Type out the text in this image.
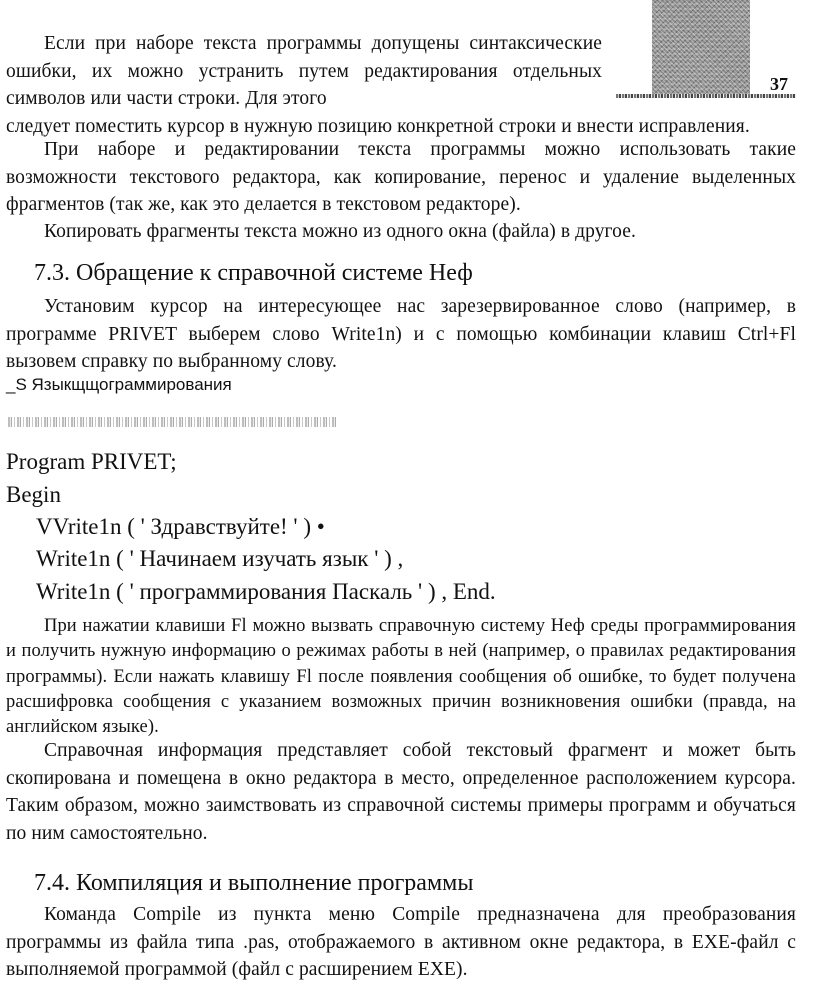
37

Если при наборе текста программы допущены синтаксические ошибки, их можно устранить путем редактирования отдельных символов или части строки. Для этого

следует поместить курсор в нужную позицию конкретной строки и внести исправления.

При наборе и редактировании текста программы можно использовать такие возможности текстового редактора, как копирование, перенос и удаление выделенных фрагментов (так же, как это делается в текстовом редакторе).

Копировать фрагменты текста можно из одного окна (файла) в другое.

7.3. Обращение к справочной системе Неф

Установим курсор на интересующее нас зарезервированное слово (например, в программе PRIVET выберем слово Write1n) и с помощью комбинации клавиш Ctrl+Fl вызовем справку по выбранному слову.

_S Языкщщограммирования
Program PRIVET;
Begin
VVrite1n ( ' Здравствуйте! ' ) •
Write1n ( ' Начинаем изучать язык ' ) ,
Write1n ( ' программирования Паскаль ' ) , End.

При нажатии клавиши Fl можно вызвать справочную систему Неф среды программирования и получить нужную информацию о режимах работы в ней (например, о правилах редактирования программы). Если нажать клавишу Fl после появления сообщения об ошибке, то будет получена расшифровка сообщения с указанием возможных причин возникновения ошибки (правда, на английском языке).

Справочная информация представляет собой текстовый фрагмент и может быть скопирована и помещена в окно редактора в место, определенное расположением курсора. Таким образом, можно заимствовать из справочной системы примеры программ и обучаться по ним самостоятельно.

7.4. Компиляция и выполнение программы

Команда Compile из пункта меню Compile предназначена для преобразования программы из файла типа .pas, отображаемого в активном окне редактора, в EXE-файл с выполняемой программой (файл с расширением EXE).
